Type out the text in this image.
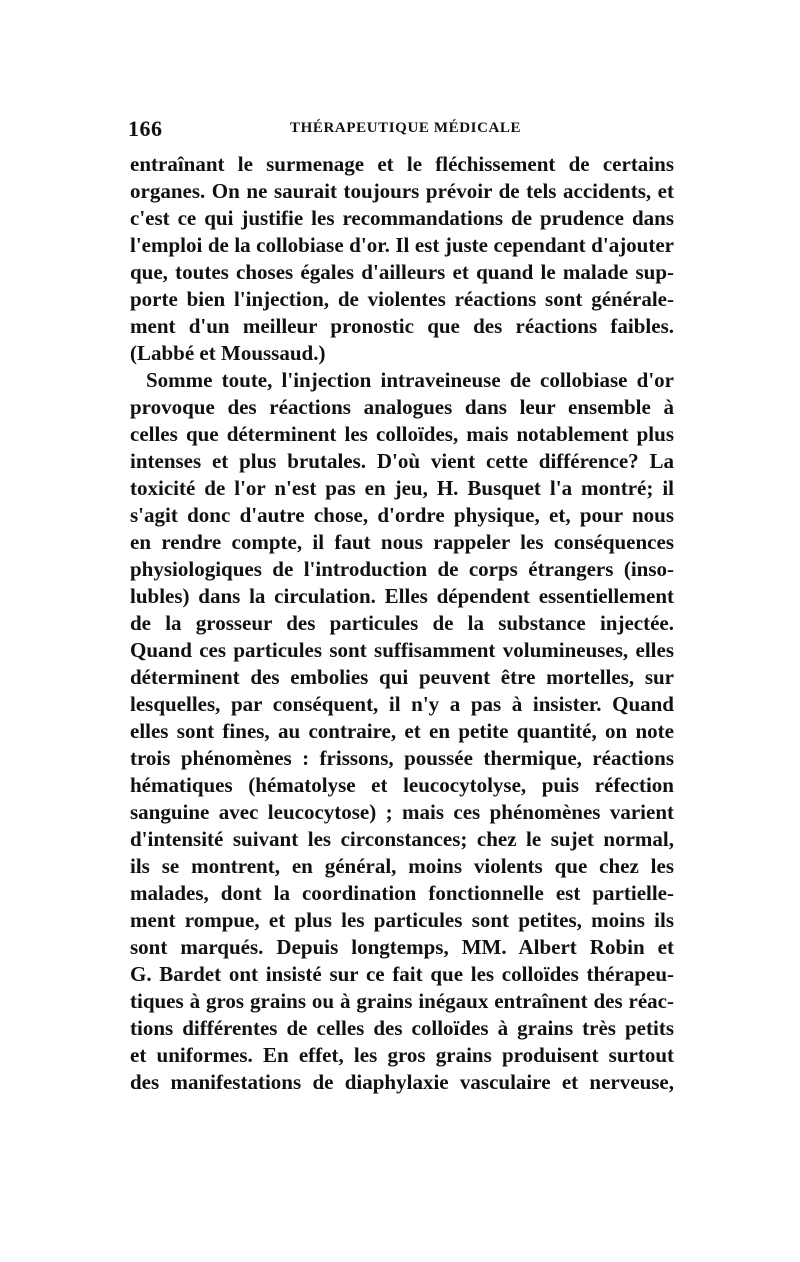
166	THÉRAPEUTIQUE MÉDICALE
entraînant le surmenage et le fléchissement de certains
organes. On ne saurait toujours prévoir de tels accidents, et
c'est ce qui justifie les recommandations de prudence dans
l'emploi de la collobiase d'or. Il est juste cependant d'ajouter
que, toutes choses égales d'ailleurs et quand le malade sup-
porte bien l'injection, de violentes réactions sont générale-
ment d'un meilleur pronostic que des réactions faibles.
(Labbé et Moussaud.)
Somme toute, l'injection intraveineuse de collobiase d'or
provoque des réactions analogues dans leur ensemble à
celles que déterminent les colloïdes, mais notablement plus
intenses et plus brutales. D'où vient cette différence? La
toxicité de l'or n'est pas en jeu, H. Busquet l'a montré; il
s'agit donc d'autre chose, d'ordre physique, et, pour nous
en rendre compte, il faut nous rappeler les conséquences
physiologiques de l'introduction de corps étrangers (inso-
lubles) dans la circulation. Elles dépendent essentiellement
de la grosseur des particules de la substance injectée.
Quand ces particules sont suffisamment volumineuses, elles
déterminent des embolies qui peuvent être mortelles, sur
lesquelles, par conséquent, il n'y a pas à insister. Quand
elles sont fines, au contraire, et en petite quantité, on note
trois phénomènes : frissons, poussée thermique, réactions
hématiques (hématolyse et leucocytolyse, puis réfection
sanguine avec leucocytose) ; mais ces phénomènes varient
d'intensité suivant les circonstances; chez le sujet normal,
ils se montrent, en général, moins violents que chez les
malades, dont la coordination fonctionnelle est partielle-
ment rompue, et plus les particules sont petites, moins ils
sont marqués. Depuis longtemps, MM. Albert Robin et
G. Bardet ont insisté sur ce fait que les colloïdes thérapeu-
tiques à gros grains ou à grains inégaux entraînent des réac-
tions différentes de celles des colloïdes à grains très petits
et uniformes. En effet, les gros grains produisent surtout
des manifestations de diaphylaxie vasculaire et nerveuse,
